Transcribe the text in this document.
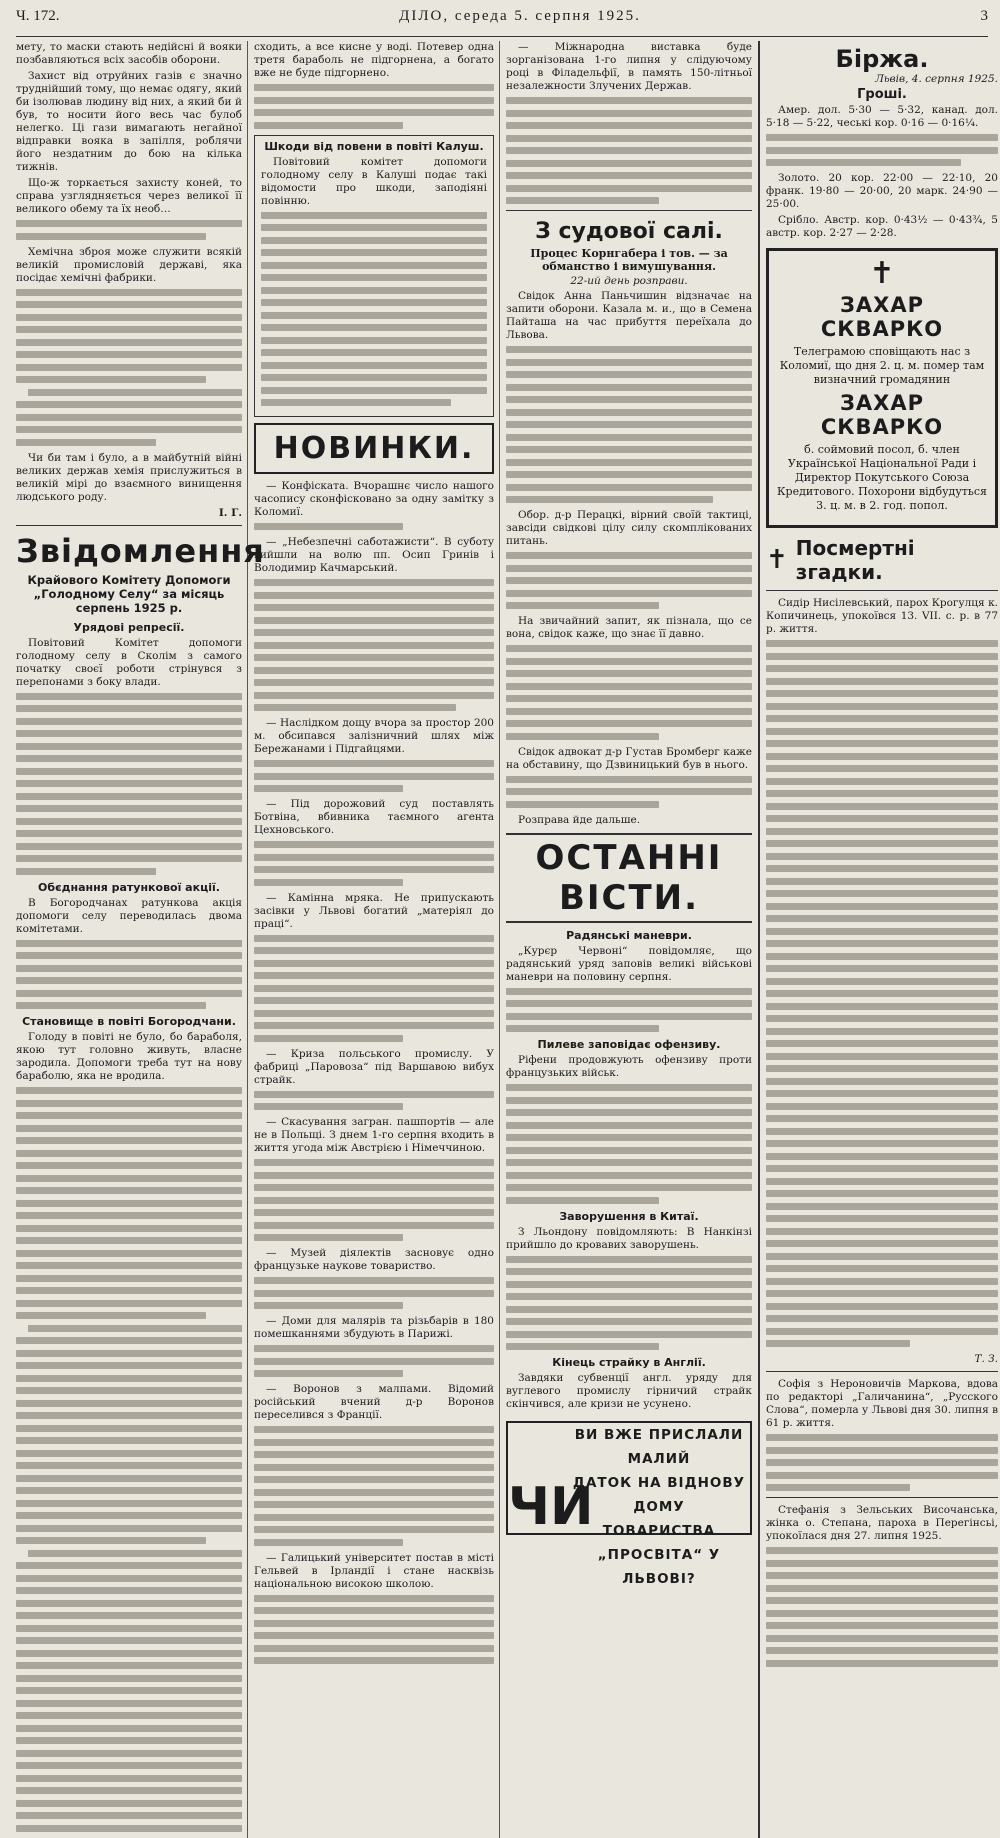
Ч. 172.	ДІЛО, середа 5. серпня 1925.	3

мету, то маски стають недійсні й вояки позбавляються всіх засобів оборони.

Захист від отруйних газів є значно труднійший тому, що немає одягу, який би ізолював людину від них, а який би й був, то носити його весь час булоб нелегко. Ці гази вимагають негайної відправки вояка в запілля, роблячи його нездатним до бою на кілька тижнів.

Що-ж торкається захисту коней, то справа узглядняється через великої її великого обему та їх необ…

Хемічна зброя може служити всякій великій промисловій державі, яка посідає хемічні фабрики.

Чи би там і було, а в майбутній війні великих держав хемія прислужиться в великій мірі до взаємного винищення людського роду.

І. Г.

Звідомлення
Крайового Комітету Допомоги „Голодному Селу“ за місяць серпень 1925 р.
Урядові репресії.

Повітовий Комітет допомоги голодному селу в Сколім з самого початку своєї роботи стрінувся з перепонами з боку влади.

Обєднання ратункової акції.

В Богородчанах ратункова акція допомоги селу переводилась двома комітетами.

Становище в повіті Богородчани.

Голоду в повіті не було, бо бараболя, якою тут головно живуть, власне зародила. Допомоги треба тут на нову бараболю, яка не вродила.

сходить, а все кисне у воді. Потевер одна третя бараболь не підгорнена, а богато вже не буде підгорнено.

Шкоди від повени в повіті Калуш.

Повітовий комітет допомоги голодному селу в Калуші подає такі відомости про шкоди, заподіяні повінню.

НОВИНКИ.

— Конфіската. Вчорашнє число нашого часопису сконфісковано за одну замітку з Коломиї.

— „Небезпечні саботажисти“. В суботу вийшли на волю пп. Осип Гринів і Володимир Качмарський.

— Наслідком дощу вчора за простор 200 м. обсипався залізничний шлях між Бережанами і Підгайцями.

— Під дорожовий суд поставлять Ботвіна, вбивника таємного агента Цехновського.

— Камінна мряка. Не припускають засівки у Львові богатий „матеріял до праці“.

— Криза польського промислу. У фабриці „Паровоза“ під Варшавою вибух страйк.

— Скасування загран. пашпортів — але не в Польщі. З днем 1-го серпня входить в життя угода між Австрією і Німеччиною.

— Музей діялектів засновує одно французьке наукове товариство.

— Доми для малярів та різьбарів в 180 помешканнями збудують в Парижі.

— Воронов з малпами. Відомий російський вчений д-р Воронов переселився з Франції.

— Галицький університет постав в місті Гельвей в Ірландії і стане насквізь національною високою школою.

— Міжнародна виставка буде зорганізована 1-го липня у слідуючому році в Філадельфії, в память 150-літньої незалежности Злучених Держав.

З судової салі.

Процес Корнгабера і тов. — за обманство і вимушування.

22-ий день розправи.

Свідок Анна Паньчишин відзначає на запити оборони. Казала м. и., що в Семена Пайташа на час прибуття переїхала до Львова.

Обор. д-р Перацкі, вірний своїй тактиці, завсіди свідкові цілу силу скомплікованих питань.

На звичайний запит, як пізнала, що се вона, свідок каже, що знає її давно.

Свідок адвокат д-р Густав Бромберг каже на обставину, що Дзвиницький був в нього.

Розправа йде дальше.

ОСТАННІ ВІСТИ.
Радянські маневри.

„Курєр Червоні“ повідомляє, що радянський уряд заповів великі військові маневри на половину серпня.

Пилеве заповідає офензиву.

Ріфени продовжують офензиву проти французьких військ.

Заворушення в Китаї.

З Льондону повідомляють: В Нанкінзі прийшло до кровавих заворушень.

Кінець страйку в Англії.

Завдяки субвенції англ. уряду для вуглевого промислу гірничий страйк скінчився, але кризи не усунено.

ЧИ
ВИ ВЖЕ ПРИСЛАЛИ МАЛИЙ
ДАТОК НА ВІДНОВУ ДОМУ
ТОВАРИСТВА „ПРОСВІТА“ У ЛЬВОВІ?
Біржа.

Львів, 4. серпня 1925.

Гроші.

Амер. дол. 5·30 — 5·32, канад. дол. 5·18 — 5·22, чеські кор. 0·16 — 0·16¼.

Золото. 20 кор. 22·00 — 22·10, 20 франк. 19·80 — 20·00, 20 марк. 24·90 — 25·00.

Срібло. Австр. кор. 0·43½ — 0·43¾, 5 австр. кор. 2·27 — 2·28.

✝
ЗАХАР СКВАРКО

Телеграмою сповіщають нас з Коломиї, що дня 2. ц. м. помер там визначний громадянин

ЗАХАР СКВАРКО

б. соймовий посол, б. член Української Національної Ради і Директор Покутського Союза Кредитового. Похорони відбудуться 3. ц. м. в 2. год. попол.

✝ Посмертні згадки.

Сидір Нисілевський, парох Крогулця к. Копичинець, упокоївся 13. VII. с. р. в 77 р. життя.

Т. З.

Софія з Нероновичів Маркова, вдова по редакторі „Галичанина“, „Русского Слова“, померла у Львові дня 30. липня в 61 р. життя.

Стефанія з Зельських Височанська, жінка о. Степана, пароха в Перегінсьі, упокоїлася дня 27. липня 1925.
